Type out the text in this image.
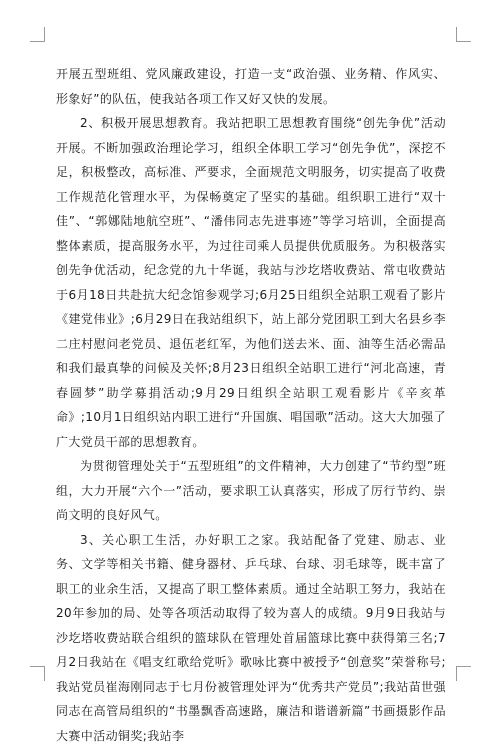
开展五型班组、党风廉政建设，打造一支“政治强、业务精、作风实、形象好”的队伍，使我站各项工作又好又快的发展。

2、积极开展思想教育。我站把职工思想教育围绕“创先争优”活动开展。不断加强政治理论学习，组织全体职工学习“创先争优”，深挖不足，积极整改，高标准、严要求，全面规范文明服务，切实提高了收费工作规范化管理水平，为保畅奠定了坚实的基础。组织职工进行“双十佳”、“郭娜陆地航空班”、“潘伟同志先进事迹”等学习培训，全面提高整体素质，提高服务水平，为过往司乘人员提供优质服务。为积极落实创先争优活动，纪念党的九十华诞，我站与沙圪塔收费站、常屯收费站于6月18日共赴抗大纪念馆参观学习;6月25日组织全站职工观看了影片《建党伟业》;6月29日在我站组织下，站上部分党团职工到大名县乡李二庄村慰问老党员、退伍老红军，为他们送去米、面、油等生活必需品和我们最真挚的问候及关怀;8月23日组织全站职工进行“河北高速，青春圆梦”助学募捐活动;9月29日组织全站职工观看影片《辛亥革命》;10月1日组织站内职工进行“升国旗、唱国歌”活动。这大大加强了广大党员干部的思想教育。

为贯彻管理处关于“五型班组”的文件精神，大力创建了“节约型”班组，大力开展“六个一”活动，要求职工认真落实，形成了厉行节约、崇尚文明的良好风气。

3、关心职工生活，办好职工之家。我站配备了党建、励志、业务、文学等相关书籍、健身器材、乒乓球、台球、羽毛球等，既丰富了职工的业余生活，又提高了职工整体素质。通过全站职工努力，我站在20年参加的局、处等各项活动取得了较为喜人的成绩。9月9日我站与沙圪塔收费站联合组织的篮球队在管理处首届篮球比赛中获得第三名;7月2日我站在《唱支红歌给党听》歌咏比赛中被授予“创意奖”荣誉称号;我站党员崔海刚同志于七月份被管理处评为“优秀共产党员”;我站苗世强同志在高管局组织的“书墨飘香高速路，廉洁和谐谱新篇”书画摄影作品大赛中活动铜奖;我站李
